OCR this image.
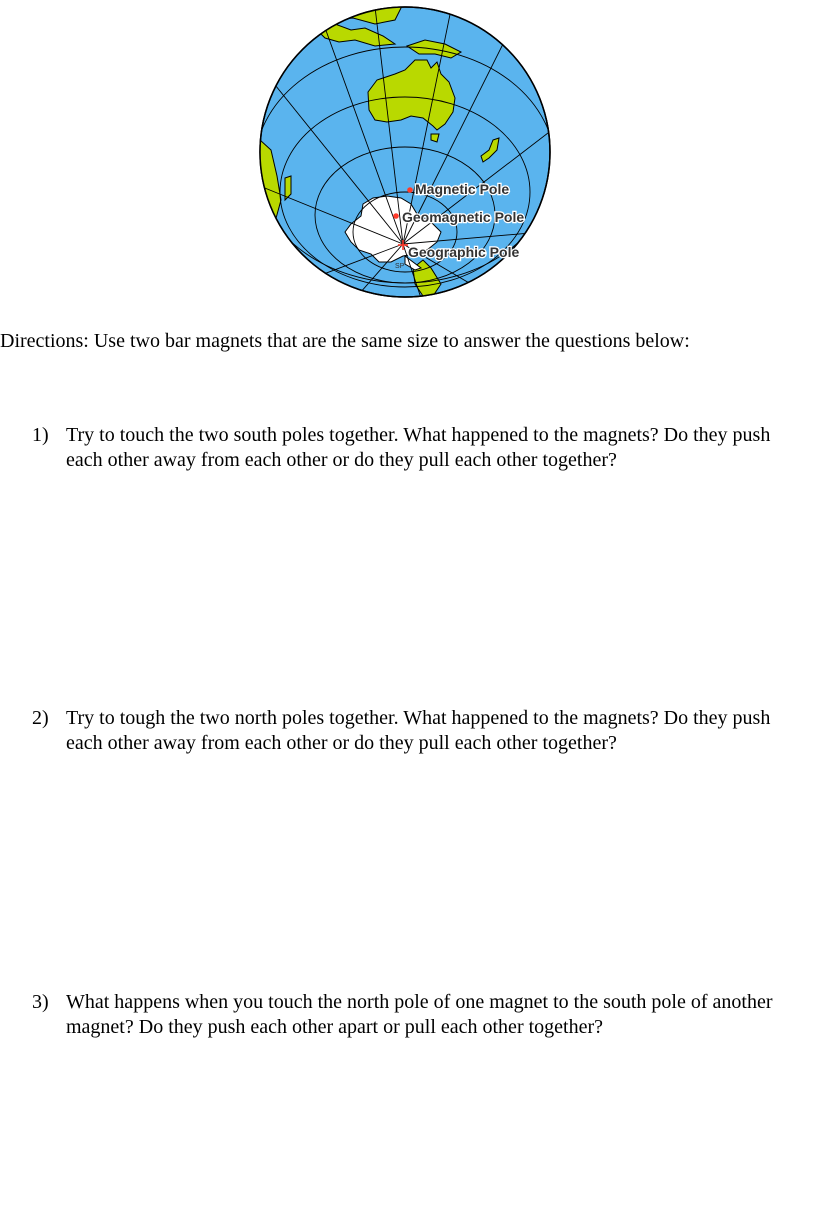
Magnetic Pole
Geomagnetic Pole
Geographic Pole
SP
Directions: Use two bar magnets that are the same size to answer the questions below:
1) Try to touch the two south poles together. What happened to the magnets? Do they push each other away from each other or do they pull each other together?
2) Try to tough the two north poles together. What happened to the magnets? Do they push each other away from each other or do they pull each other together?
3) What happens when you touch the north pole of one magnet to the south pole of another magnet? Do they push each other apart or pull each other together?
